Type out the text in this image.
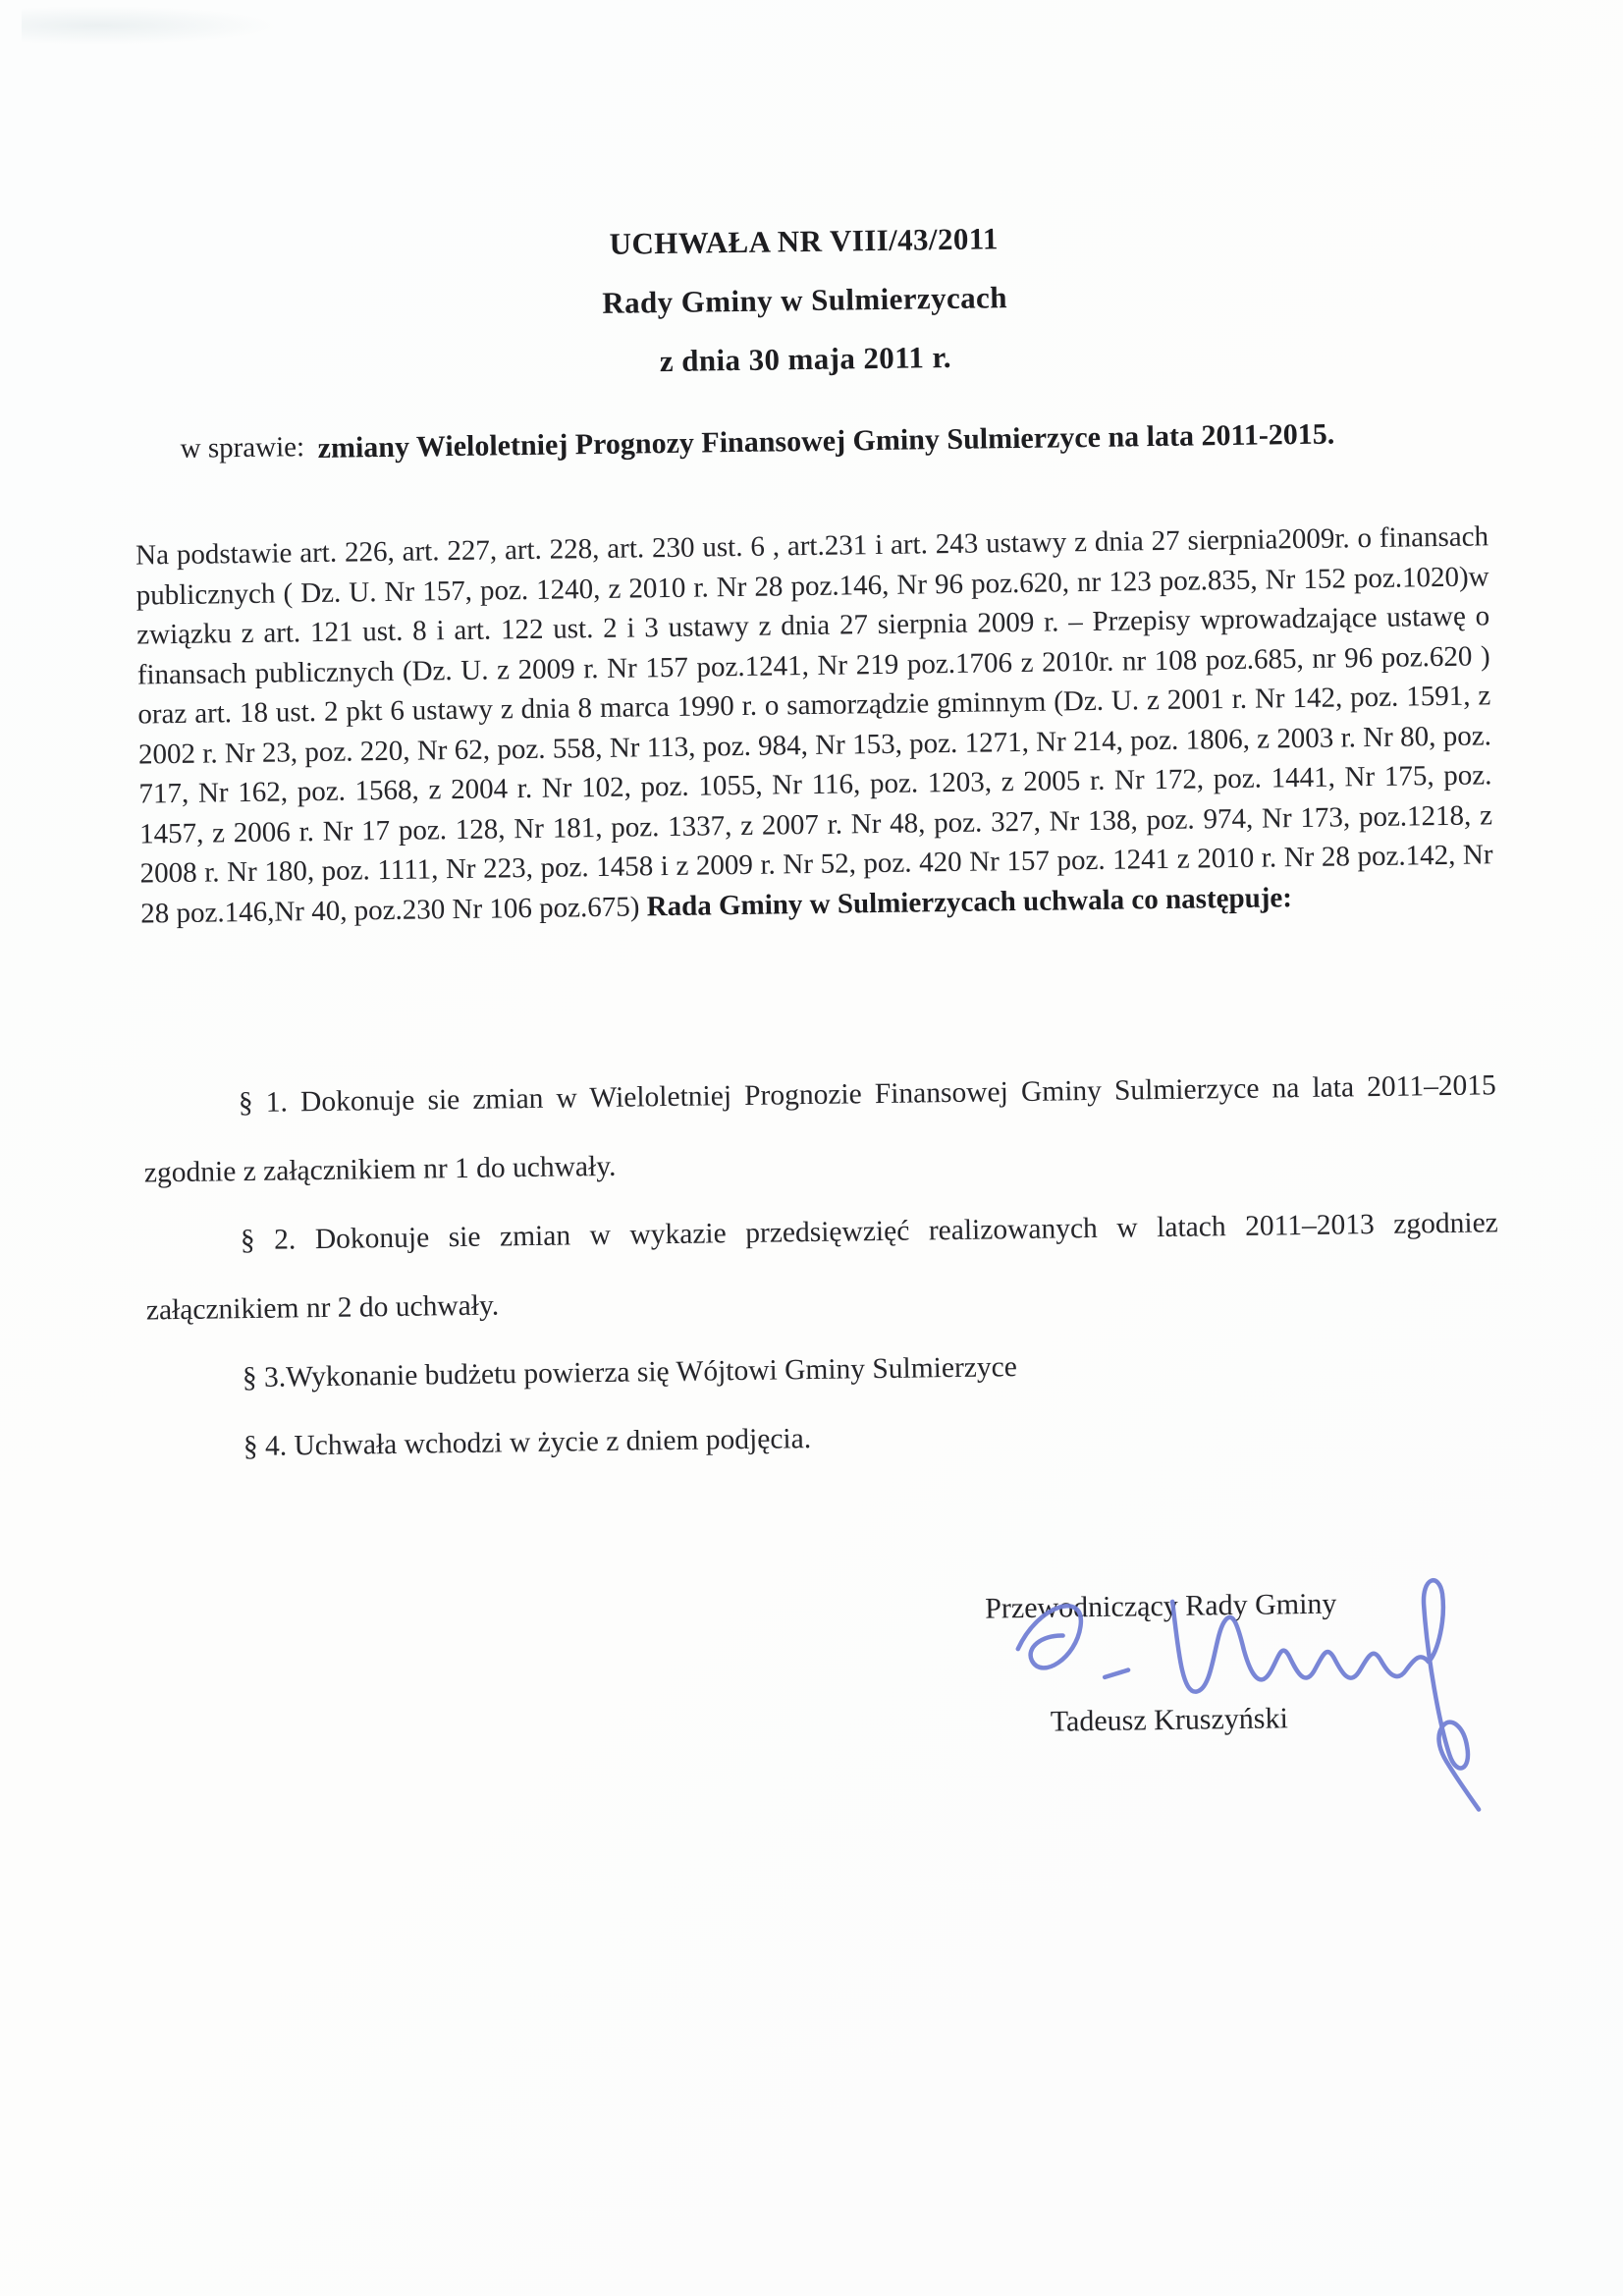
UCHWAŁA NR VIII/43/2011
Rady Gminy w Sulmierzycach
z dnia 30 maja 2011 r.
w sprawie: zmiany Wieloletniej Prognozy Finansowej Gminy Sulmierzyce na lata 2011-2015.

Na podstawie art. 226, art. 227, art. 228, art. 230 ust. 6 , art.231 i art. 243 ustawy z dnia 27 sierpnia2009r. o finansach publicznych ( Dz. U. Nr 157, poz. 1240, z 2010 r. Nr 28 poz.146, Nr 96 poz.620, nr 123 poz.835, Nr 152 poz.1020)w związku z art. 121 ust. 8 i art. 122 ust. 2 i 3 ustawy z dnia 27 sierpnia 2009 r. – Przepisy wprowadzające ustawę o finansach publicznych (Dz. U. z 2009 r. Nr 157 poz.1241, Nr 219 poz.1706 z 2010r. nr 108 poz.685, nr 96 poz.620 ) oraz art. 18 ust. 2 pkt 6 ustawy z dnia 8 marca 1990 r. o samorządzie gminnym (Dz. U. z 2001 r. Nr 142, poz. 1591, z 2002 r. Nr 23, poz. 220, Nr 62, poz. 558, Nr 113, poz. 984, Nr 153, poz. 1271, Nr 214, poz. 1806, z 2003 r. Nr 80, poz. 717, Nr 162, poz. 1568, z 2004 r. Nr 102, poz. 1055, Nr 116, poz. 1203, z 2005 r. Nr 172, poz. 1441, Nr 175, poz. 1457, z 2006 r. Nr 17 poz. 128, Nr 181, poz. 1337, z 2007 r. Nr 48, poz. 327, Nr 138, poz. 974, Nr 173, poz.1218, z 2008 r. Nr 180, poz. 1111, Nr 223, poz. 1458 i z 2009 r. Nr 52, poz. 420 Nr 157 poz. 1241 z 2010 r. Nr 28 poz.142, Nr 28 poz.146,Nr 40, poz.230 Nr 106 poz.675) Rada Gminy w Sulmierzycach uchwala co następuje:

§ 1. Dokonuje sie zmian w Wieloletniej Prognozie Finansowej Gminy Sulmierzyce na lata 2011–2015 zgodnie z załącznikiem nr 1 do uchwały.

§ 2. Dokonuje sie zmian w wykazie przedsięwzięć realizowanych w latach 2011–2013 zgodniez załącznikiem nr 2 do uchwały.

§ 3.Wykonanie budżetu powierza się Wójtowi Gminy Sulmierzyce

§ 4. Uchwała wchodzi w życie z dniem podjęcia.

Przewodniczący Rady Gminy
Tadeusz Kruszyński
